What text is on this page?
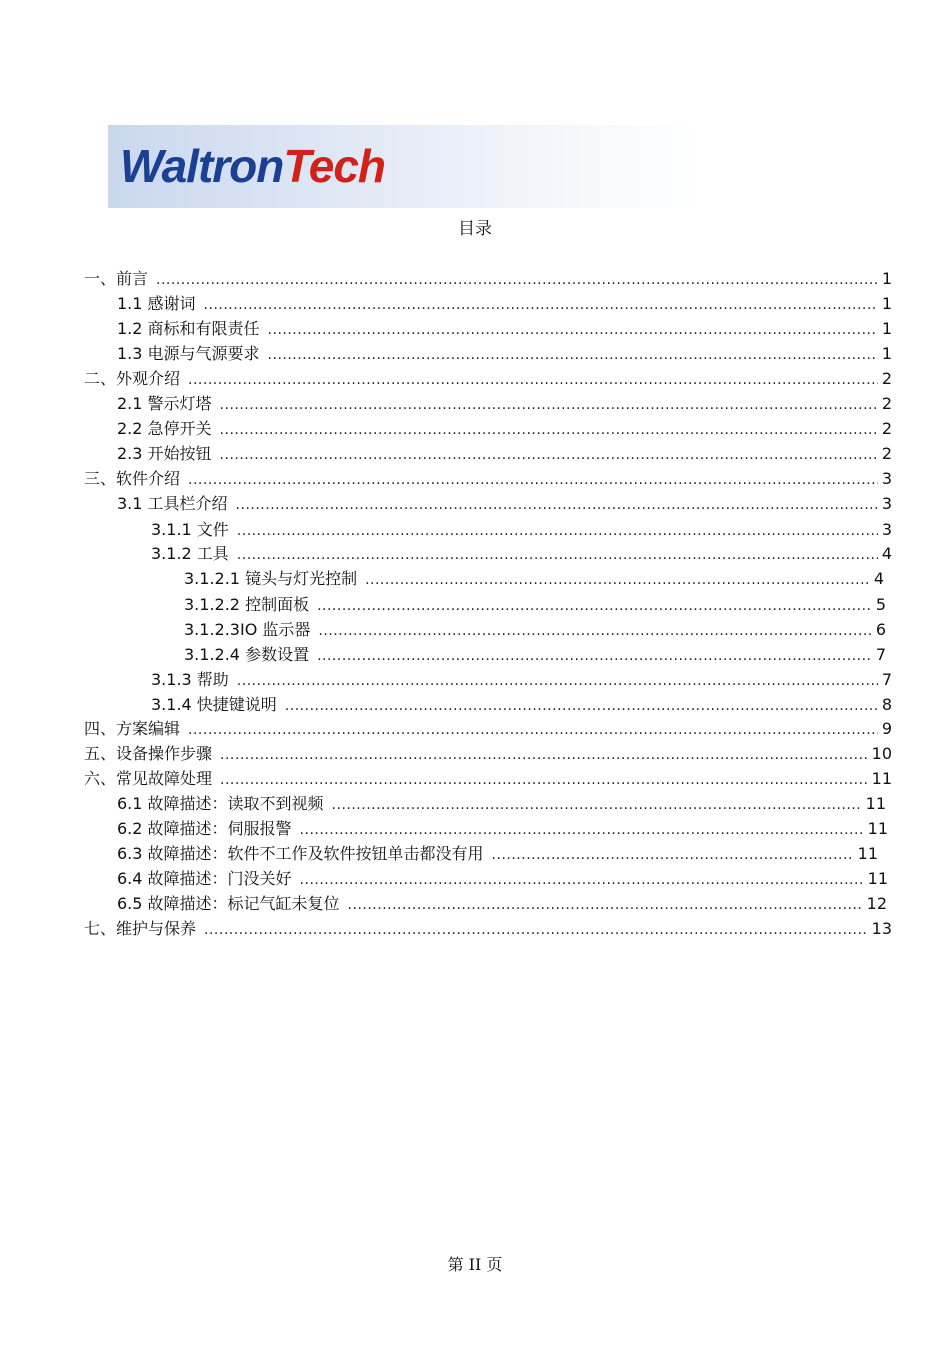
WaltronTech
目录
一、前言 .....	1
1.1 感谢词 .....	1
1.2 商标和有限责任 .....	1
1.3 电源与气源要求 .....	1
二、外观介绍 .....	2
2.1 警示灯塔 .....	2
2.2 急停开关 .....	2
2.3 开始按钮 .....	2
三、软件介绍 .....	3
3.1 工具栏介绍 .....	3
3.1.1 文件 .....	3
3.1.2 工具 .....	4
3.1.2.1 镜头与灯光控制 .....	4
3.1.2.2 控制面板 .....	5
3.1.2.3IO 监示器 .....	6
3.1.2.4 参数设置 .....	7
3.1.3 帮助 .....	7
3.1.4 快捷键说明 .....	8
四、方案编辑 .....	9
五、设备操作步骤 .....	10
六、常见故障处理 .....	11
6.1 故障描述：读取不到视频 .....	11
6.2 故障描述：伺服报警 .....	11
6.3 故障描述：软件不工作及软件按钮单击都没有用 .....	11
6.4 故障描述：门没关好 .....	11
6.5 故障描述：标记气缸未复位 .....	12
七、维护与保养 .....	13
第 II 页
